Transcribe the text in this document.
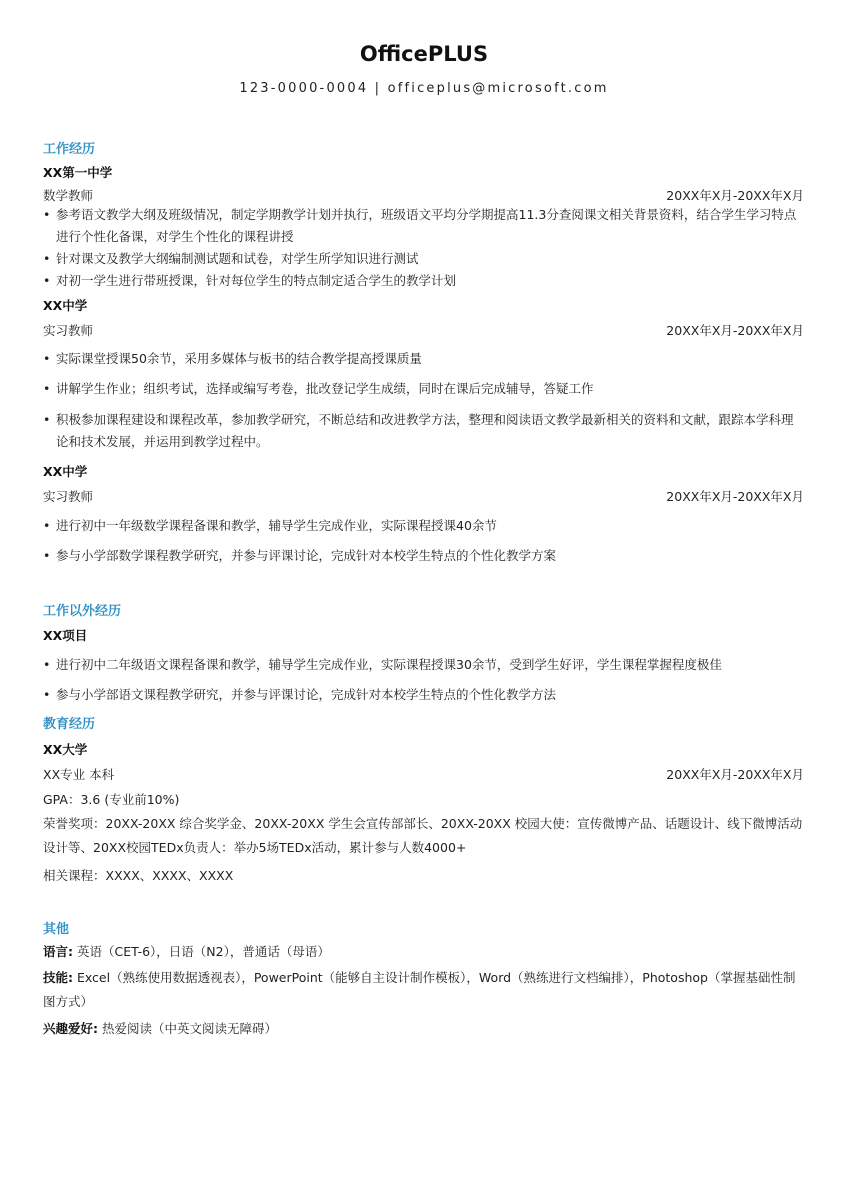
OfficePLUS
123-0000-0004 | officeplus@microsoft.com
工作经历
XX第一中学
数学教师	20XX年X月-20XX年X月
• 参考语文教学大纲及班级情况，制定学期教学计划并执行，班级语文平均分学期提高11.3分查阅课文相关背景资料，结合学生学习特点进行个性化备课，对学生个性化的课程讲授
• 针对课文及教学大纲编制测试题和试卷，对学生所学知识进行测试
• 对初一学生进行带班授课，针对每位学生的特点制定适合学生的教学计划
XX中学
实习教师	20XX年X月-20XX年X月
• 实际课堂授课50余节，采用多媒体与板书的结合教学提高授课质量
• 讲解学生作业；组织考试，选择或编写考卷，批改登记学生成绩，同时在课后完成辅导，答疑工作
• 积极参加课程建设和课程改革，参加教学研究，不断总结和改进教学方法，整理和阅读语文教学最新相关的资料和文献，跟踪本学科理论和技术发展，并运用到教学过程中。
XX中学
实习教师	20XX年X月-20XX年X月
• 进行初中一年级数学课程备课和教学，辅导学生完成作业，实际课程授课40余节
• 参与小学部数学课程教学研究，并参与评课讨论，完成针对本校学生特点的个性化教学方案
工作以外经历
XX项目
• 进行初中二年级语文课程备课和教学，辅导学生完成作业，实际课程授课30余节，受到学生好评，学生课程掌握程度极佳
• 参与小学部语文课程教学研究，并参与评课讨论，完成针对本校学生特点的个性化教学方法
教育经历
XX大学
XX专业 本科	20XX年X月-20XX年X月
GPA：3.6 (专业前10%)
荣誉奖项：20XX-20XX 综合奖学金、20XX-20XX 学生会宣传部部长、20XX-20XX 校园大使：宣传微博产品、话题设计、线下微博活动设计等、20XX校园TEDx负责人：举办5场TEDx活动，累计参与人数4000+
相关课程：XXXX、XXXX、XXXX
其他
语言: 英语（CET-6），日语（N2），普通话（母语）
技能: Excel（熟练使用数据透视表），PowerPoint（能够自主设计制作模板），Word（熟练进行文档编排），Photoshop（掌握基础性制图方式）
兴趣爱好: 热爱阅读（中英文阅读无障碍）
